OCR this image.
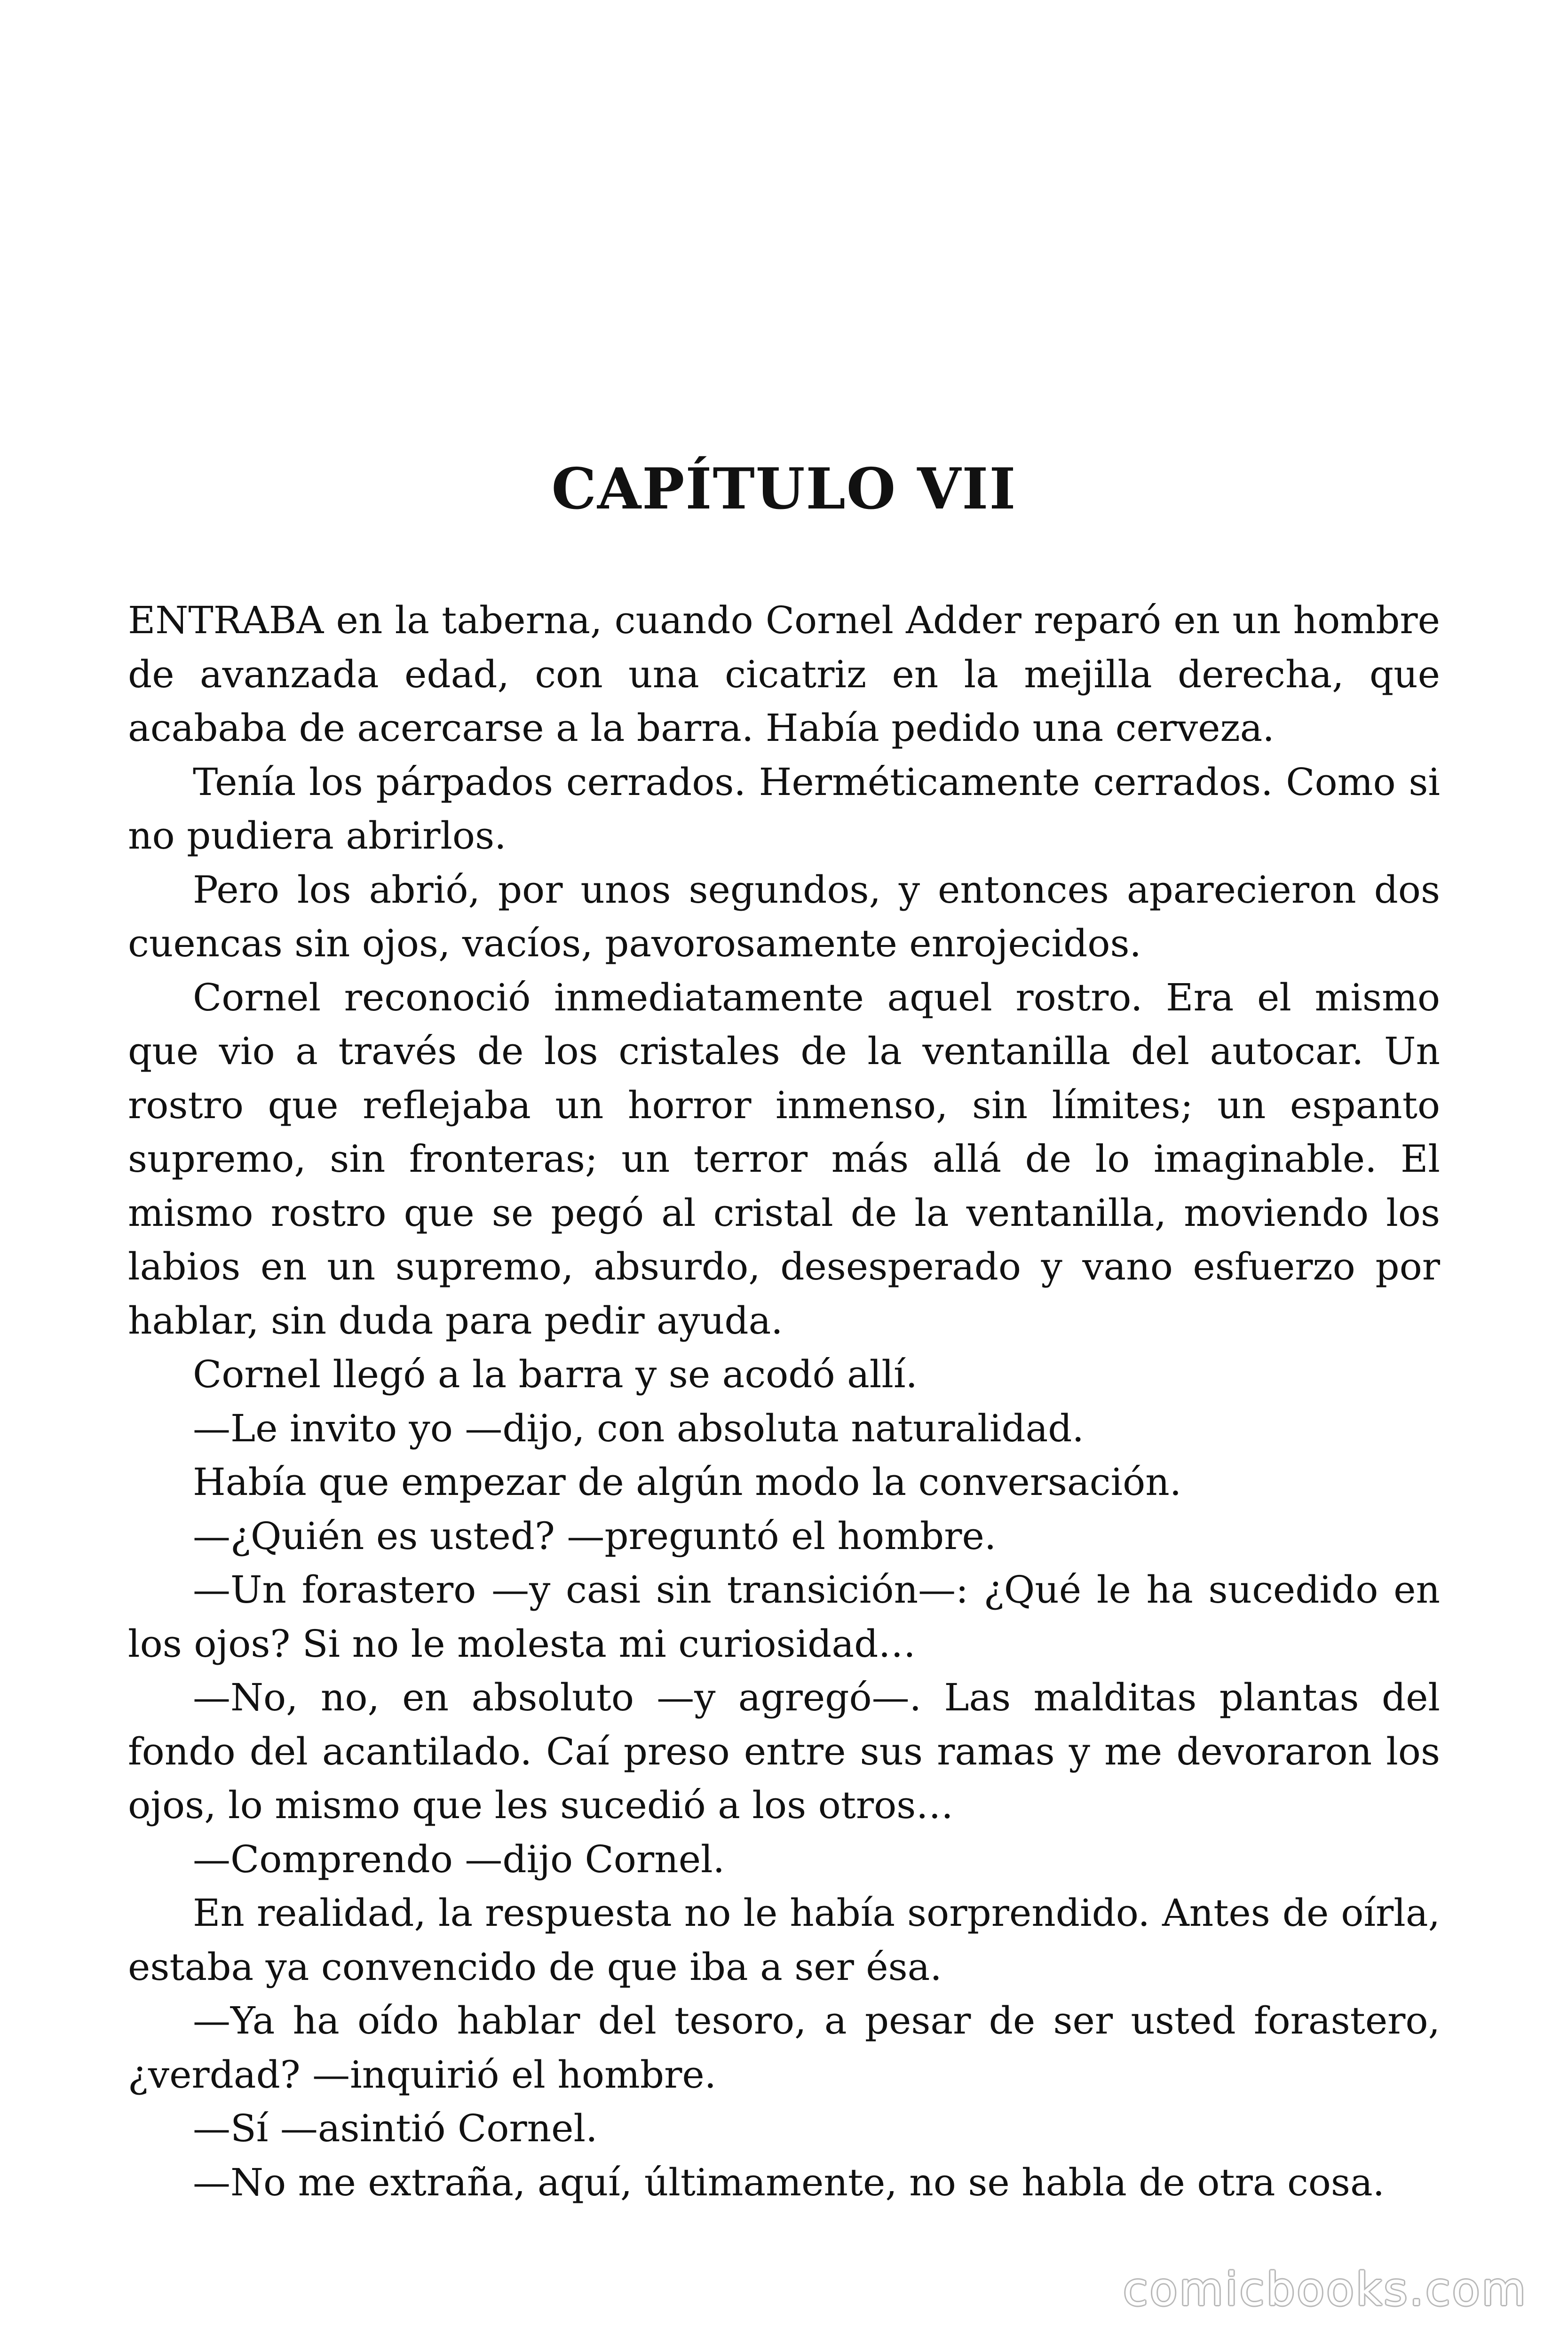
CAPÍTULO VII

ENTRABA en la taberna, cuando Cornel Adder reparó en un hombre de avanzada edad, con una cicatriz en la mejilla derecha, que acababa de acercarse a la barra. Había pedido una cerveza.

Tenía los párpados cerrados. Herméticamente cerrados. Como si no pudiera abrirlos.

Pero los abrió, por unos segundos, y entonces aparecieron dos cuencas sin ojos, vacíos, pavorosamente enrojecidos.

Cornel reconoció inmediatamente aquel rostro. Era el mismo que vio a través de los cristales de la ventanilla del autocar. Un rostro que reflejaba un horror inmenso, sin límites; un espanto supremo, sin fronteras; un terror más allá de lo imaginable. El mismo rostro que se pegó al cristal de la ventanilla, moviendo los labios en un supremo, absurdo, desesperado y vano esfuerzo por hablar, sin duda para pedir ayuda.

Cornel llegó a la barra y se acodó allí.

—Le invito yo —dijo, con absoluta naturalidad.

Había que empezar de algún modo la conversación.

—¿Quién es usted? —preguntó el hombre.

—Un forastero —y casi sin transición—: ¿Qué le ha sucedido en los ojos? Si no le molesta mi curiosidad…

—No, no, en absoluto —y agregó—. Las malditas plantas del fondo del acantilado. Caí preso entre sus ramas y me devoraron los ojos, lo mismo que les sucedió a los otros…

—Comprendo —dijo Cornel.

En realidad, la respuesta no le había sorprendido. Antes de oírla, estaba ya convencido de que iba a ser ésa.

—Ya ha oído hablar del tesoro, a pesar de ser usted forastero, ¿verdad? —inquirió el hombre.

—Sí —asintió Cornel.

—No me extraña, aquí, últimamente, no se habla de otra cosa.

comicbooks.com
